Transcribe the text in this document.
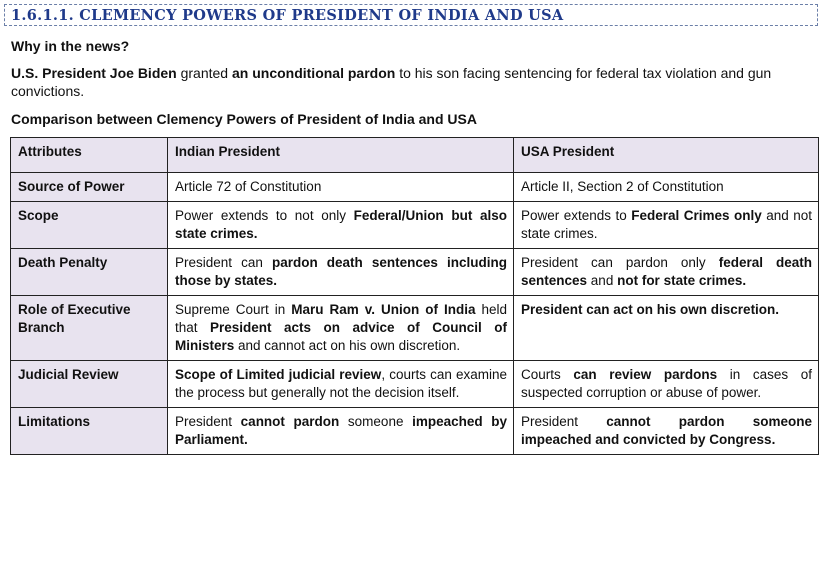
1.6.1.1. CLEMENCY POWERS OF PRESIDENT OF INDIA AND USA
Why in the news?

U.S. President Joe Biden granted an unconditional pardon to his son facing sentencing for federal tax violation and gun convictions.

Comparison between Clemency Powers of President of India and USA
Attributes	Indian President	USA President
Source of Power	Article 72 of Constitution	Article II, Section 2 of Constitution
Scope	Power extends to not only Federal/Union but also state crimes.	Power extends to Federal Crimes only and not state crimes.
Death Penalty	President can pardon death sentences including those by states.	President can pardon only federal death sentences and not for state crimes.
Role of Executive Branch	Supreme Court in Maru Ram v. Union of India held that President acts on advice of Council of Ministers and cannot act on his own discretion.	President can act on his own discretion.
Judicial Review	Scope of Limited judicial review, courts can examine the process but generally not the decision itself.	Courts can review pardons in cases of suspected corruption or abuse of power.
Limitations	President cannot pardon someone impeached by Parliament.	President cannot pardon someone impeached and convicted by Congress.
